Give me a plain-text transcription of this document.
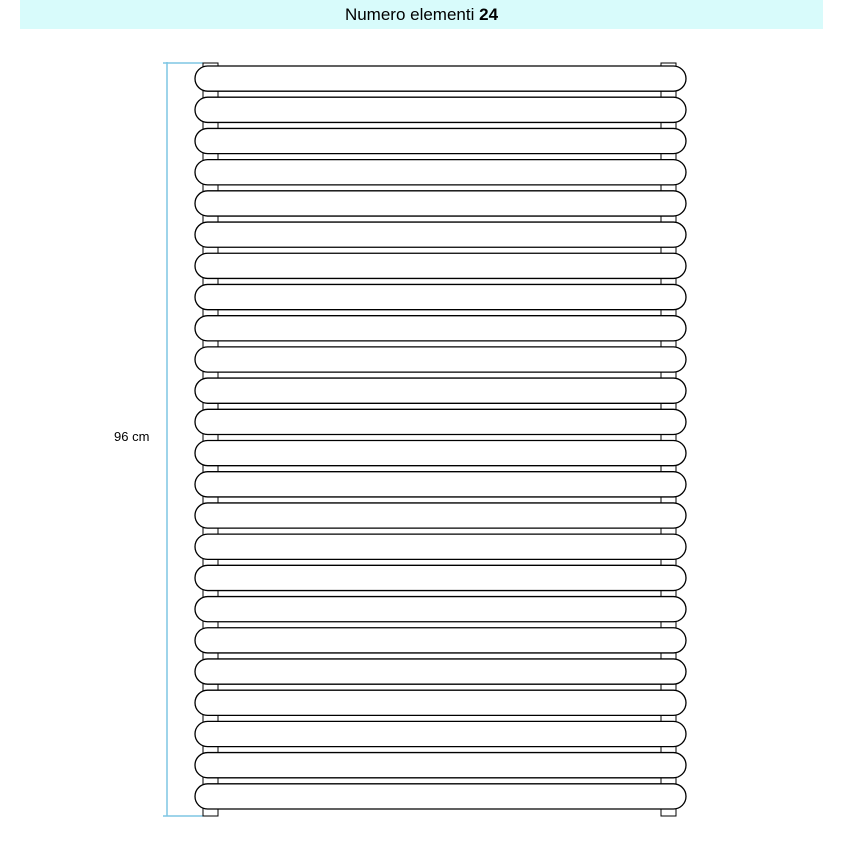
Numero elementi 24
96 cm
